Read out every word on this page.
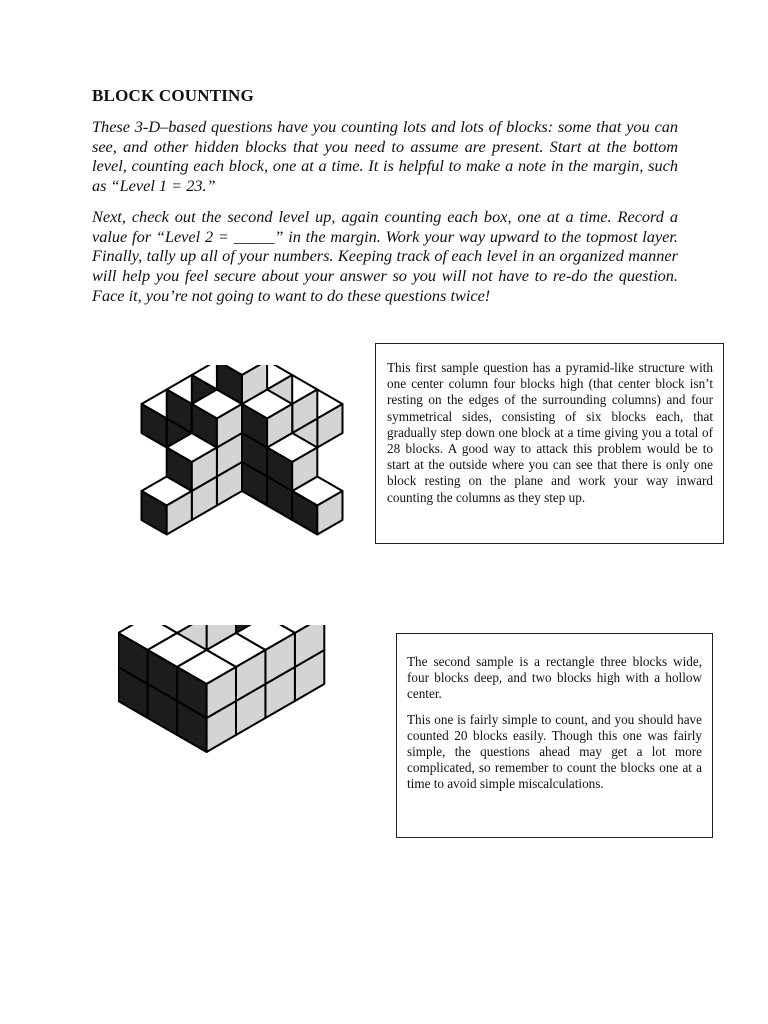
BLOCK COUNTING

These 3-D–based questions have you counting lots and lots of blocks: some that you can see, and other hidden blocks that you need to assume are present. Start at the bottom level, counting each block, one at a time. It is helpful to make a note in the margin, such as “Level 1 = 23.”

Next, check out the second level up, again counting each box, one at a time. Record a value for “Level 2 = _____” in the margin. Work your way upward to the topmost layer. Finally, tally up all of your numbers. Keeping track of each level in an organized manner will help you feel secure about your answer so you will not have to re-do the question. Face it, you’re not going to want to do these questions twice!

This first sample question has a pyramid-like structure with one center column four blocks high (that center block isn’t resting on the edges of the surrounding columns) and four symmetrical sides, consisting of six blocks each, that gradually step down one block at a time giving you a total of 28 blocks. A good way to attack this problem would be to start at the outside where you can see that there is only one block resting on the plane and work your way inward counting the columns as they step up.

The second sample is a rectangle three blocks wide, four blocks deep, and two blocks high with a hollow center.

This one is fairly simple to count, and you should have counted 20 blocks easily. Though this one was fairly simple, the questions ahead may get a lot more complicated, so remember to count the blocks one at a time to avoid simple miscalculations.
